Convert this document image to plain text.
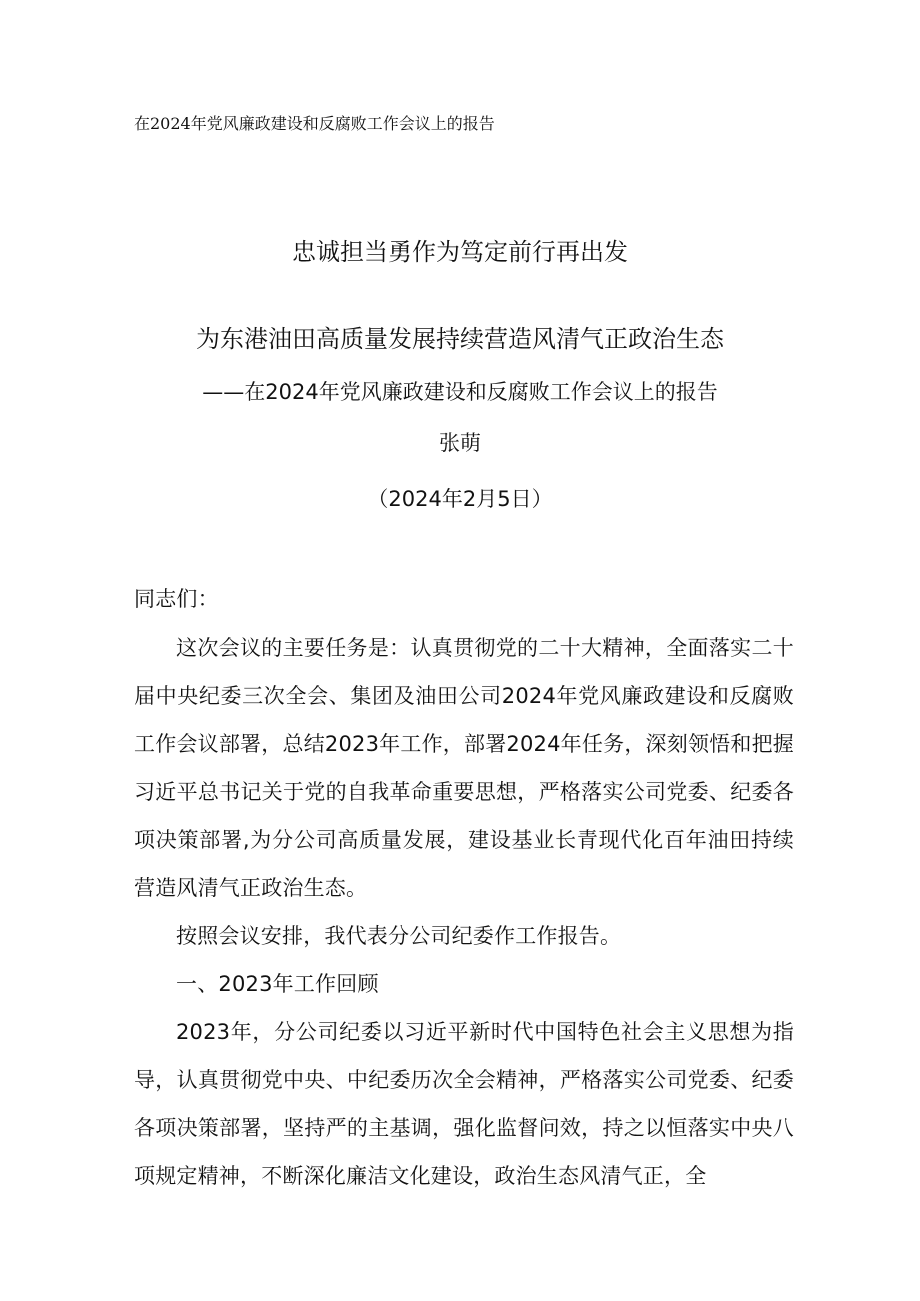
在2024年党风廉政建设和反腐败工作会议上的报告
忠诚担当勇作为笃定前行再出发
为东港油田高质量发展持续营造风清气正政治生态
——在2024年党风廉政建设和反腐败工作会议上的报告
张萌
（2024年2月5日）
同志们：

这次会议的主要任务是：认真贯彻党的二十大精神，全面落实二十届中央纪委三次全会、集团及油田公司2024年党风廉政建设和反腐败工作会议部署，总结2023年工作，部署2024年任务，深刻领悟和把握习近平总书记关于党的自我革命重要思想，严格落实公司党委、纪委各项决策部署,为分公司高质量发展，建设基业长青现代化百年油田持续营造风清气正政治生态。

按照会议安排，我代表分公司纪委作工作报告。

一、2023年工作回顾

2023年，分公司纪委以习近平新时代中国特色社会主义思想为指导，认真贯彻党中央、中纪委历次全会精神，严格落实公司党委、纪委各项决策部署，坚持严的主基调，强化监督问效，持之以恒落实中央八项规定精神，不断深化廉洁文化建设，政治生态风清气正，全
